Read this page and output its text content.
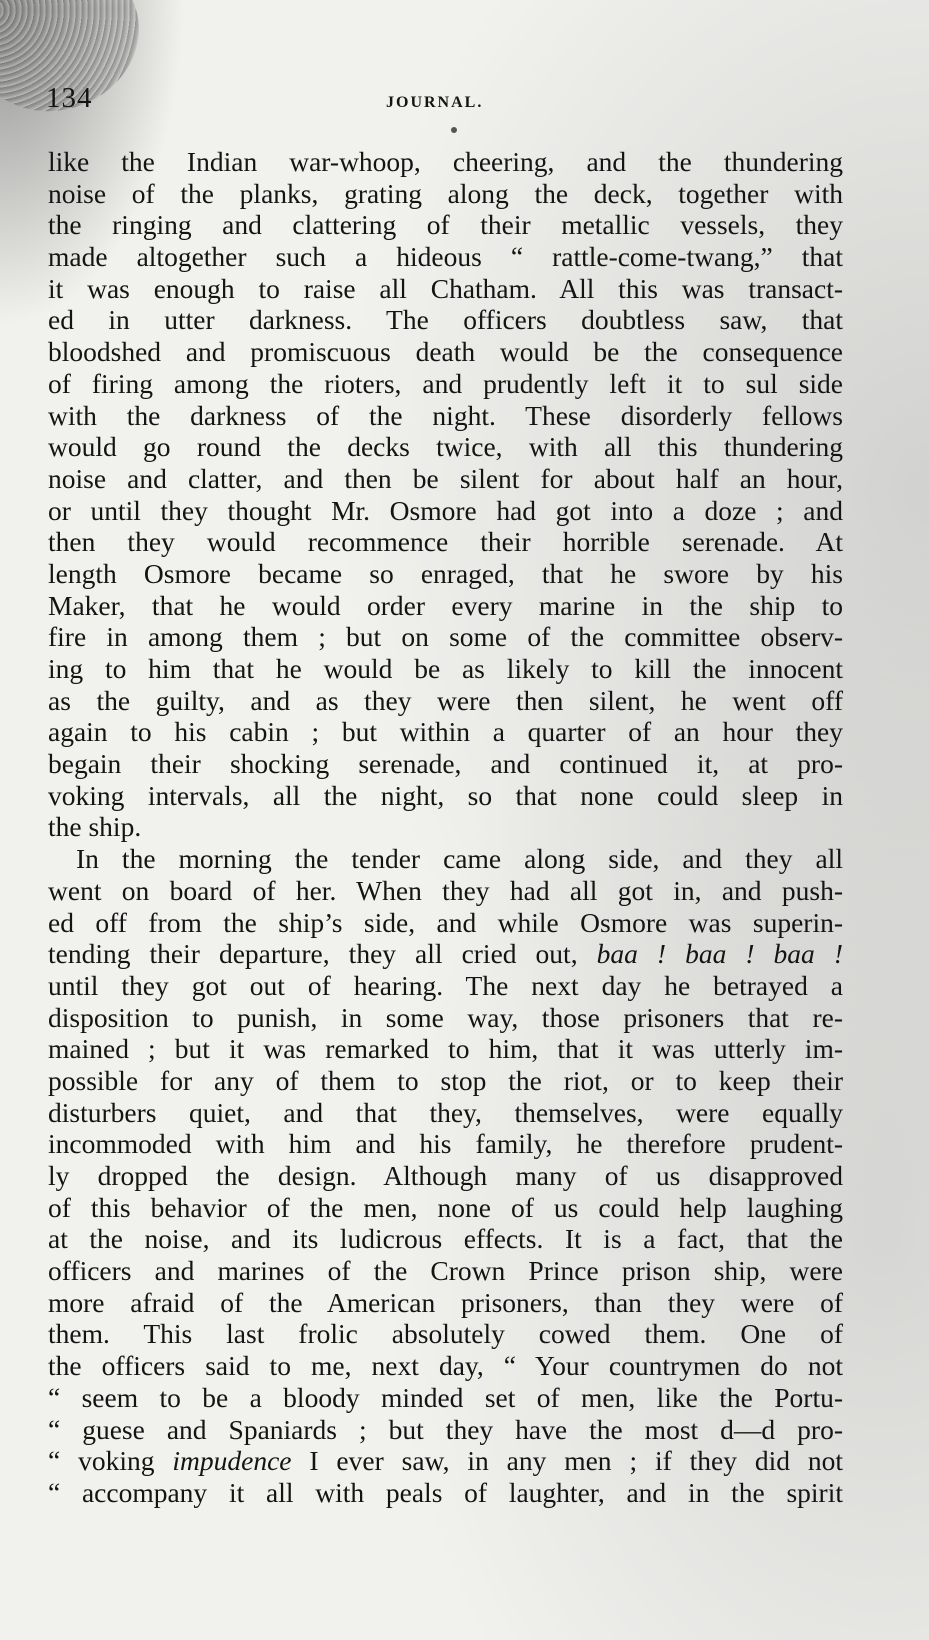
134	JOURNAL.
like the Indian war-whoop, cheering, and the thundering
noise of the planks, grating along the deck, together with
the ringing and clattering of their metallic vessels, they
made altogether such a hideous “ rattle-come-twang,” that
it was enough to raise all Chatham. All this was transact-
ed in utter darkness. The officers doubtless saw, that
bloodshed and promiscuous death would be the consequence
of firing among the rioters, and prudently left it to sul side
with the darkness of the night. These disorderly fellows
would go round the decks twice, with all this thundering
noise and clatter, and then be silent for about half an hour,
or until they thought Mr. Osmore had got into a doze ; and
then they would recommence their horrible serenade. At
length Osmore became so enraged, that he swore by his
Maker, that he would order every marine in the ship to
fire in among them ; but on some of the committee observ-
ing to him that he would be as likely to kill the innocent
as the guilty, and as they were then silent, he went off
again to his cabin ; but within a quarter of an hour they
begain their shocking serenade, and continued it, at pro-
voking intervals, all the night, so that none could sleep in
the ship.
In the morning the tender came along side, and they all
went on board of her. When they had all got in, and push-
ed off from the ship’s side, and while Osmore was superin-
tending their departure, they all cried out, baa ! baa ! baa !
until they got out of hearing. The next day he betrayed a
disposition to punish, in some way, those prisoners that re-
mained ; but it was remarked to him, that it was utterly im-
possible for any of them to stop the riot, or to keep their
disturbers quiet, and that they, themselves, were equally
incommoded with him and his family, he therefore prudent-
ly dropped the design. Although many of us disapproved
of this behavior of the men, none of us could help laughing
at the noise, and its ludicrous effects. It is a fact, that the
officers and marines of the Crown Prince prison ship, were
more afraid of the American prisoners, than they were of
them. This last frolic absolutely cowed them. One of
the officers said to me, next day, “ Your countrymen do not
“ seem to be a bloody minded set of men, like the Portu-
“ guese and Spaniards ; but they have the most d—d pro-
“ voking impudence I ever saw, in any men ; if they did not
“ accompany it all with peals of laughter, and in the spirit
